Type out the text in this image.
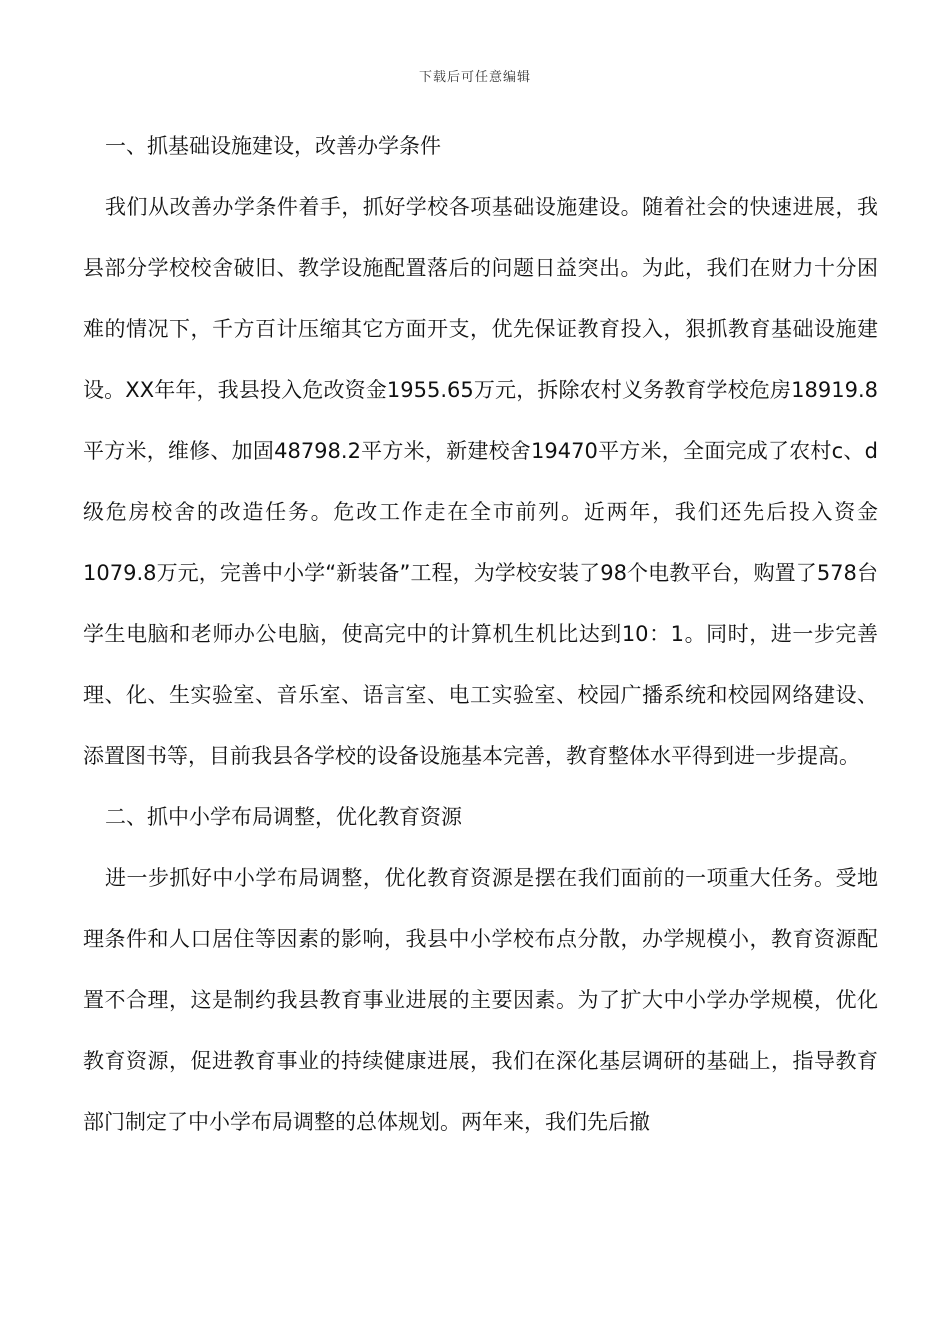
下载后可任意编辑
一、抓基础设施建设，改善办学条件

我们从改善办学条件着手，抓好学校各项基础设施建设。随着社会的快速进展，我县部分学校校舍破旧、教学设施配置落后的问题日益突出。为此，我们在财力十分困难的情况下，千方百计压缩其它方面开支，优先保证教育投入，狠抓教育基础设施建设。XX年年，我县投入危改资金1955.65万元，拆除农村义务教育学校危房18919.8平方米，维修、加固48798.2平方米，新建校舍19470平方米，全面完成了农村c、d级危房校舍的改造任务。危改工作走在全市前列。近两年，我们还先后投入资金1079.8万元，完善中小学“新装备”工程，为学校安装了98个电教平台，购置了578台学生电脑和老师办公电脑，使高完中的计算机生机比达到10：1。同时，进一步完善理、化、生实验室、音乐室、语言室、电工实验室、校园广播系统和校园网络建设、添置图书等，目前我县各学校的设备设施基本完善，教育整体水平得到进一步提高。

二、抓中小学布局调整，优化教育资源

进一步抓好中小学布局调整，优化教育资源是摆在我们面前的一项重大任务。受地理条件和人口居住等因素的影响，我县中小学校布点分散，办学规模小，教育资源配置不合理，这是制约我县教育事业进展的主要因素。为了扩大中小学办学规模，优化教育资源，促进教育事业的持续健康进展，我们在深化基层调研的基础上，指导教育部门制定了中小学布局调整的总体规划。两年来，我们先后撤
